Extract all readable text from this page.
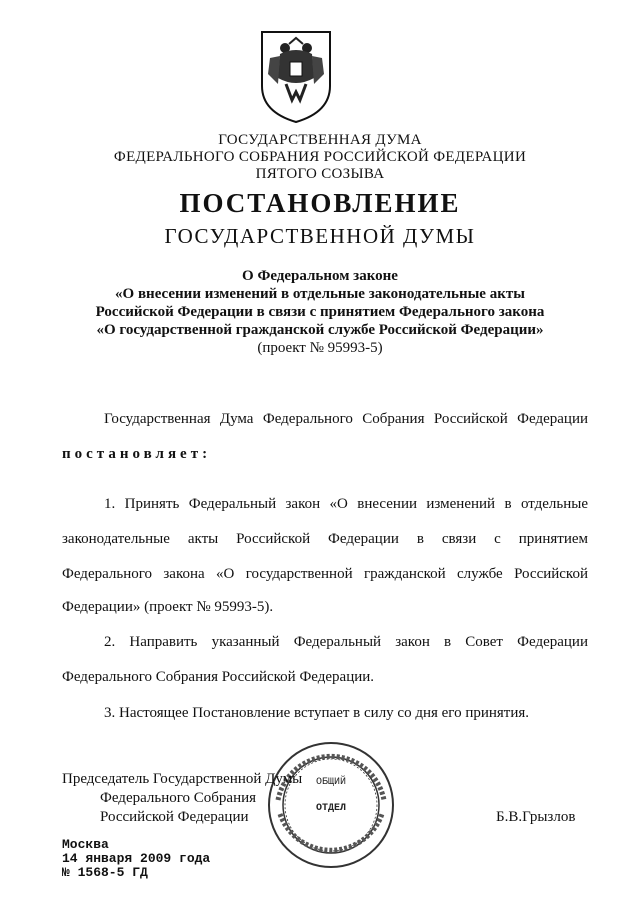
ГОСУДАРСТВЕННАЯ ДУМА
ФЕДЕРАЛЬНОГО СОБРАНИЯ РОССИЙСКОЙ ФЕДЕРАЦИИ
ПЯТОГО СОЗЫВА
ПОСТАНОВЛЕНИЕ
ГОСУДАРСТВЕННОЙ ДУМЫ
О Федеральном законе
«О внесении изменений в отдельные законодательные акты
Российской Федерации в связи с принятием Федерального закона
«О государственной гражданской службе Российской Федерации»
(проект № 95993-5)
Государственная Дума Федерального Собрания Российской Федерации
постановляет:
1. Принять Федеральный закон «О внесении изменений в отдельные
законодательные акты Российской Федерации в связи с принятием
Федерального закона «О государственной гражданской службе Российской
Федерации» (проект № 95993-5).
2. Направить указанный Федеральный закон в Совет Федерации
Федерального Собрания Российской Федерации.
3. Настоящее Постановление вступает в силу со дня его принятия.
ОБЩИЙ
ОТДЕЛ
Председатель Государственной Думы
Федерального Собрания
Российской Федерации	Б.В.Грызлов
Москва
14 января 2009 года
№ 1568-5 ГД
